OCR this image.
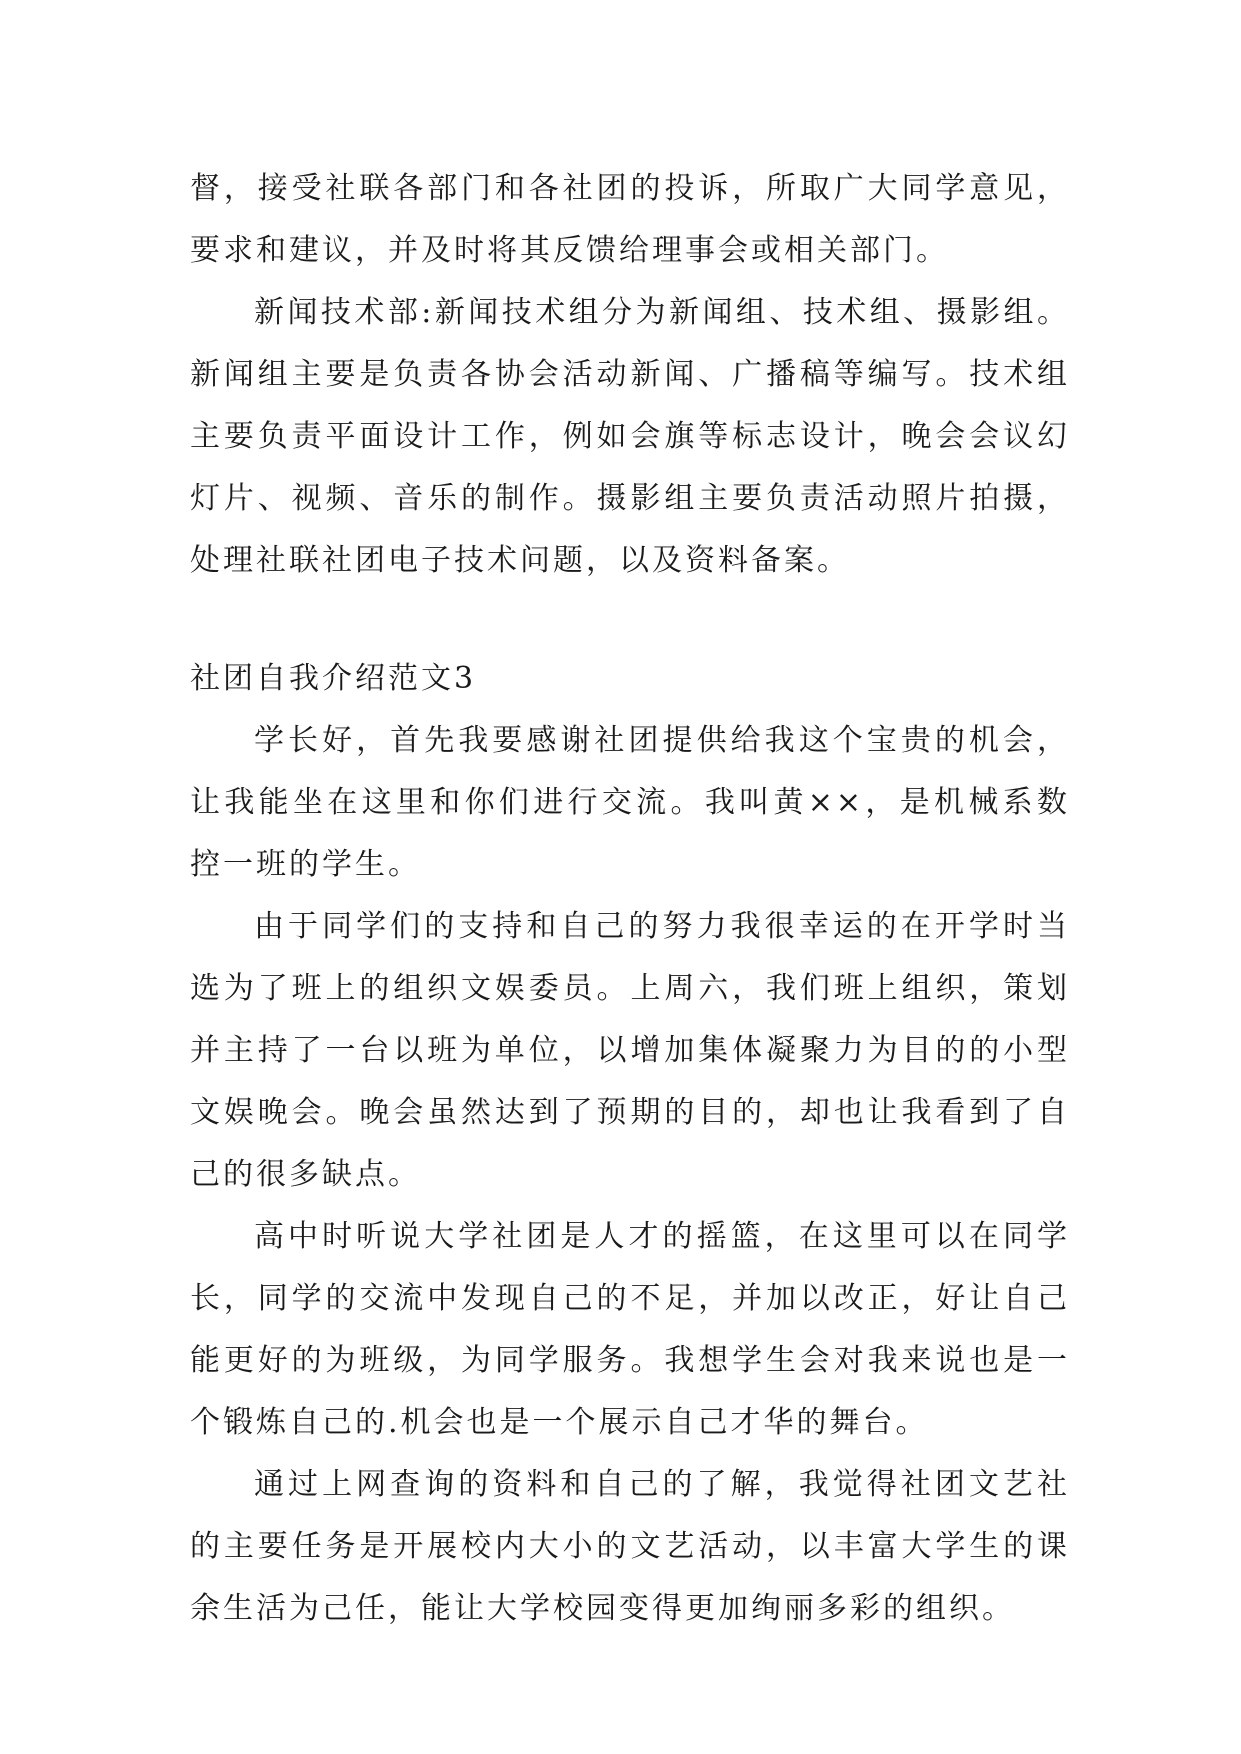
督，接受社联各部门和各社团的投诉，所取广大同学意见，要求和建议，并及时将其反馈给理事会或相关部门。

新闻技术部:新闻技术组分为新闻组、技术组、摄影组。新闻组主要是负责各协会活动新闻、广播稿等编写。技术组主要负责平面设计工作，例如会旗等标志设计，晚会会议幻灯片、视频、音乐的制作。摄影组主要负责活动照片拍摄，处理社联社团电子技术问题，以及资料备案。

社团自我介绍范文3

学长好，首先我要感谢社团提供给我这个宝贵的机会，让我能坐在这里和你们进行交流。我叫黄××，是机械系数控一班的学生。

由于同学们的支持和自己的努力我很幸运的在开学时当选为了班上的组织文娱委员。上周六，我们班上组织，策划并主持了一台以班为单位，以增加集体凝聚力为目的的小型文娱晚会。晚会虽然达到了预期的目的，却也让我看到了自己的很多缺点。

高中时听说大学社团是人才的摇篮，在这里可以在同学长，同学的交流中发现自己的不足，并加以改正，好让自己能更好的为班级，为同学服务。我想学生会对我来说也是一个锻炼自己的.机会也是一个展示自己才华的舞台。

通过上网查询的资料和自己的了解，我觉得社团文艺社的主要任务是开展校内大小的文艺活动，以丰富大学生的课余生活为己任，能让大学校园变得更加绚丽多彩的组织。
